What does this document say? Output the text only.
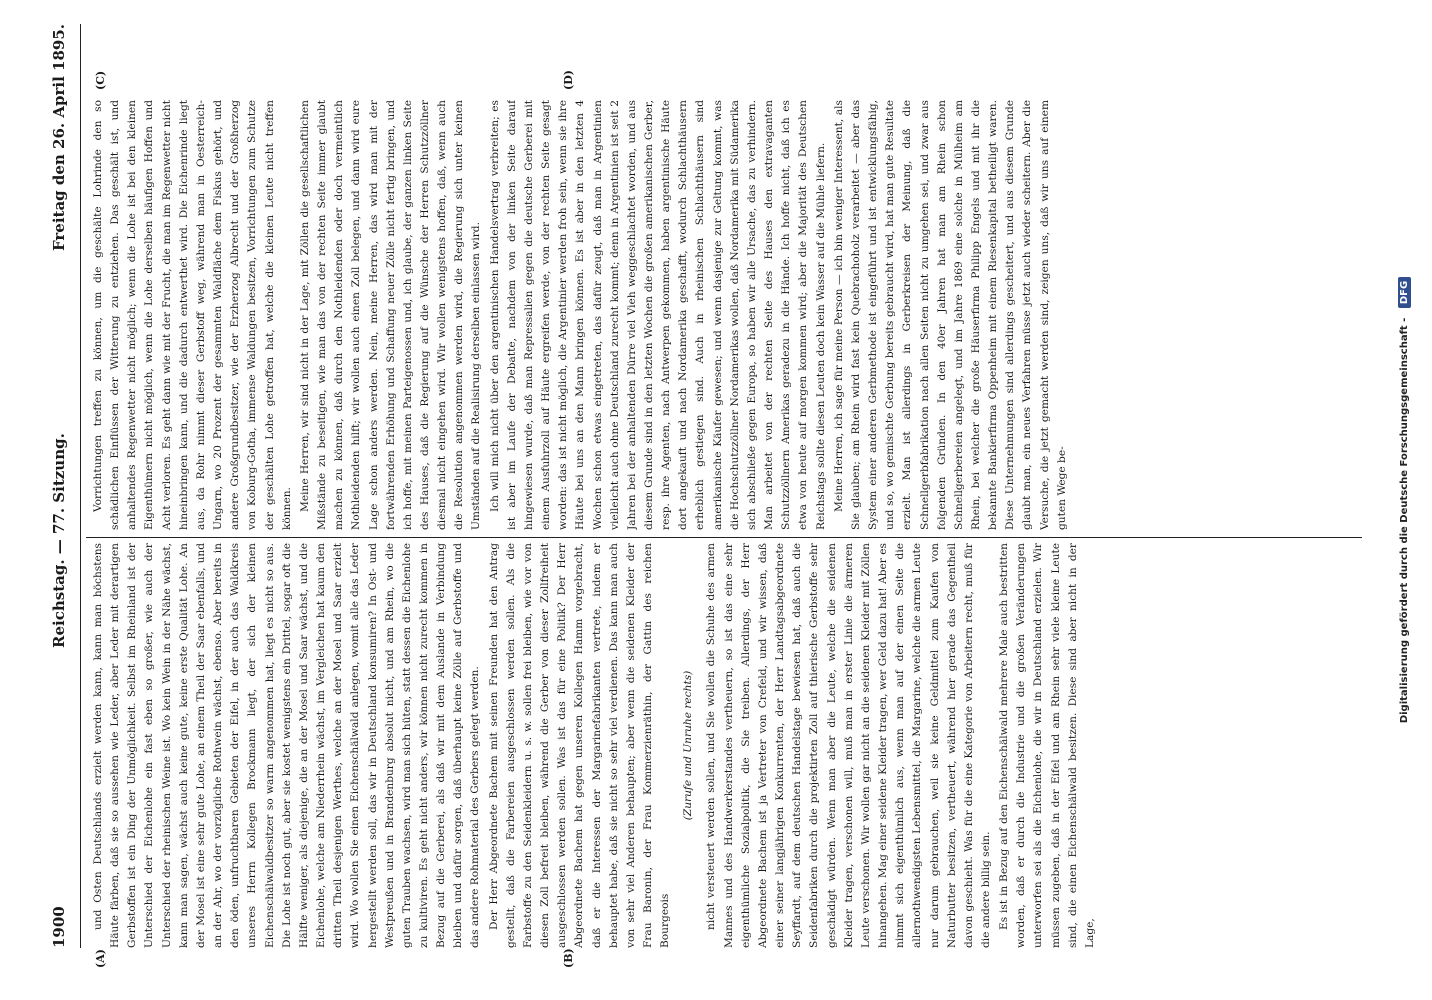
1900
Reichstag. — 77. Sitzung.
Freitag den 26. April 1895.
(A)	(B)
(C)	(D)

und Osten Deutschlands erzielt werden kann, kann man höchstens Häute färben, daß sie so aussehen wie Leder, aber Leder mit derartigen Gerbstoffen ist ein Ding der Unmöglichkeit. Selbst im Rheinland ist der Unterschied der Eichenlohe ein fast eben so großer, wie auch der Unterschied der rheinischen Weine ist. Wo kein Wein in der Nähe wächst, kann man sagen, wächst auch keine gute, keine erste Qualität Lohe. An der Mosel ist eine sehr gute Lohe, an einem Theil der Saar ebenfalls, und an der Ahr, wo der vorzügliche Rothwein wächst, ebenso. Aber bereits in den öden, unfruchtbaren Gebieten der Eifel, in der auch das Waldkreis unseres Herrn Kollegen Brockmann liegt, der sich der kleinen Eichenschälwaldbesitzer so warm angenommen hat, liegt es nicht so aus. Die Lohe ist noch gut, aber sie kostet wenigstens ein Drittel, sogar oft die Hälfte weniger, als diejenige, die an der Mosel und Saar wächst, und die Eichenlohe, welche am Niederrhein wächst, im Vergleichen hat kaum den dritten Theil desjenigen Werthes, welche an der Mosel und Saar erzielt wird. Wo wollen Sie einen Eichenschälwald anlegen, womit alle das Leder hergestellt werden soll, das wir in Deutschland konsumiren? In Ost- und Westpreußen und in Brandenburg absolut nicht, und am Rhein, wo die guten Trauben wachsen, wird man sich hüten, statt dessen die Eichenlohe zu kultiviren. Es geht nicht anders, wir können nicht zurecht kommen in Bezug auf die Gerberei, als daß wir mit dem Auslande in Verbindung bleiben und dafür sorgen, daß überhaupt keine Zölle auf Gerbstoffe und das andere Rohmaterial des Gerbers gelegt werden. Der Herr Abgeordnete Bachem mit seinen Freunden hat den Antrag gestellt, daß die Farbereien ausgeschlossen werden sollen. Als die Farbstoffe zu den Seidenkleidern u. s. w. sollen frei bleiben, wie vor von diesen Zoll befreit bleiben, während die Gerber von dieser Zollfreiheit ausgeschlossen werden sollen. Was ist das für eine Politik? Der Herr Abgeordnete Bachem hat gegen unseren Kollegen Hamm vorgebracht, daß er die Interessen der Margarinefabrikanten vertrete, indem er behauptet habe, daß sie nicht so sehr viel verdienen. Das kann man auch von sehr viel Anderen behaupten; aber wenn die seidenen Kleider der Frau Baronin, der Frau Kommerzienräthin, der Gattin des reichen Bourgeois

(Zurufe und Unruhe rechts) nicht versteuert werden sollen, und Sie wollen die Schuhe des armen Mannes und des Handwerkerstandes vertheuern, so ist das eine sehr eigenthümliche Sozialpolitik, die Sie treiben. Allerdings, der Herr Abgeordnete Bachem ist ja Vertreter von Crefeld, und wir wissen, daß einer seiner langjährigen Konkurrenten, der Herr Landtagsabgeordnete Seyffardt, auf dem deutschen Handelstage bewiesen hat, daß auch die Seidenfabriken durch die projektirten Zoll auf thierische Gerbstoffe sehr geschädigt würden. Wenn man aber die Leute, welche die seidenen Kleider tragen, verschonen will, muß man in erster Linie die ärmeren Leute verschonen. Wir wollen gar nicht an die seidenen Kleider mit Zöllen hinangehen. Mag einer seidene Kleider tragen, wer Geld dazu hat! Aber es nimmt sich eigenthümlich aus, wenn man auf der einen Seite die allernothwendigsten Lebensmittel, die Margarine, welche die armen Leute nur darum gebrauchen, weil sie keine Geldmittel zum Kaufen von Naturbutter besitzen, vertheuert, während hier gerade das Gegentheil davon geschieht. Was für die eine Kategorie von Arbeitern recht, muß für die andere billig sein. Es ist in Bezug auf den Eichenschälwald mehrere Male auch bestritten worden, daß er durch die Industrie und die großen Veränderungen unterworfen sei als die Eichenlohe, die wir in Deutschland erzielen. Wir müssen zugeben, daß in der Eifel und am Rhein sehr viele kleine Leute sind, die einen Eichenschälwald besitzen. Diese sind aber nicht in der Lage,

Vorrichtungen treffen zu können, um die geschälte Lohrinde den so schädlichen Einflüssen der Witterung zu entziehen. Das geschält ist, und anhaltendes Regenwetter nicht möglich; wenn die Lohe ist bei den kleinen Eigenthümern nicht möglich, wenn die Lohe derselben häufigen Hoffen und Acht verloren. Es geht dann wie mit der Frucht, die man im Regenwetter nicht hineinbringen kann, und die dadurch entwerthet wird. Die Eichenrinde liegt aus, da Rohr nimmt dieser Gerbstoff weg, während man in Oesterreich-Ungarn, wo 20 Prozent der gesammten Waldfläche dem Fiskus gehört, und andere Großgrundbesitzer, wie der Erzherzog Albrecht und der Großherzog von Koburg-Gotha, immense Waldungen besitzen, Vorrichtungen zum Schutze der geschälten Lohe getroffen hat, welche die kleinen Leute nicht treffen können. Meine Herren, wir sind nicht in der Lage, mit Zöllen die gesellschaftlichen Mißstände zu beseitigen, wie man das von der rechten Seite immer glaubt machen zu können, daß durch den Nothleidenden oder doch vermeintlich Nothleidenden hilft; wir wollen auch einen Zoll belegen, und dann wird eure Lage schon anders werden. Nein, meine Herren, das wird man mit der fortwährenden Erhöhung und Schaffung neuer Zölle nicht fertig bringen, und ich hoffe, mit meinen Parteigenossen und, ich glaube, der ganzen linken Seite des Hauses, daß die Regierung auf die Wünsche der Herren Schutzzöllner diesmal nicht eingehen wird. Wir wollen wenigstens hoffen, daß, wenn auch die Resolution angenommen werden wird, die Regierung sich unter keinen Umständen auf die Realisirung derselben einlassen wird. Ich will mich nicht über den argentinischen Handelsvertrag verbreiten; es ist aber im Laufe der Debatte, nachdem von der linken Seite darauf hingewiesen wurde, daß man Repressalien gegen die deutsche Gerberei mit einem Ausfuhrzoll auf Häute ergreifen werde, von der rechten Seite gesagt worden: das ist nicht möglich, die Argentinier werden froh sein, wenn sie ihre Häute bei uns an den Mann bringen können. Es ist aber in den letzten 4 Wochen schon etwas eingetreten, das dafür zeugt, daß man in Argentinien vielleicht auch ohne Deutschland zurecht kommt; denn in Argentinien ist seit 2 Jahren bei der anhaltenden Dürre viel Vieh weggeschlachtet worden, und aus diesem Grunde sind in den letzten Wochen die großen amerikanischen Gerber, resp. ihre Agenten, nach Antwerpen gekommen, haben argentinische Häute dort angekauft und nach Nordamerika geschafft, wodurch Schlachthäusern erheblich gestiegen sind. Auch in rheinischen Schlachthäusern sind amerikanische Käufer gewesen; und wenn dasjenige zur Geltung kommt, was die Hochschutzzöllner Nordamerikas wollen, daß Nordamerika mit Südamerika sich abschließe gegen Europa, so haben wir alle Ursache, das zu verhindern. Man arbeitet von der rechten Seite des Hauses den extravaganten Schutzzöllnern Amerikas geradezu in die Hände. Ich hoffe nicht, daß ich es etwa von heute auf morgen kommen wird; aber die Majorität des Deutschen Reichstags sollte diesen Leuten doch kein Wasser auf die Mühle liefern. Meine Herren, ich sage für meine Person — ich bin weniger Interessent, als Sie glauben; am Rhein wird fast kein Quebrachoholz verarbeitet — aber das System einer anderen Gerbmethode ist eingeführt und ist entwicklungsfähig, und so, wo gemischte Gerbung bereits gebraucht wird, hat man gute Resultate erzielt. Man ist allerdings in Gerberkreisen der Meinung, daß die Schnellgerbfabrikation nach allen Seiten nicht zu umgehen sei, und zwar aus folgenden Gründen. In den 40er Jahren hat man am Rhein schon Schnellgerbereien angelegt, und im Jahre 1869 eine solche in Mülheim am Rhein, bei welcher die große Häuserfirma Philipp Engels und mit ihr die bekannte Bankierfirma Oppenheim mit einem Riesenkapital betheiligt waren. Diese Unternehmungen sind allerdings gescheitert, und aus diesem Grunde glaubt man, ein neues Verfahren müsse jetzt auch wieder scheitern. Aber die Versuche, die jetzt gemacht werden sind, zeigen uns, daß wir uns auf einem guten Wege be-	Digitalisierung gefördert durch die Deutsche Forschungsgemeinschaft - DFG
